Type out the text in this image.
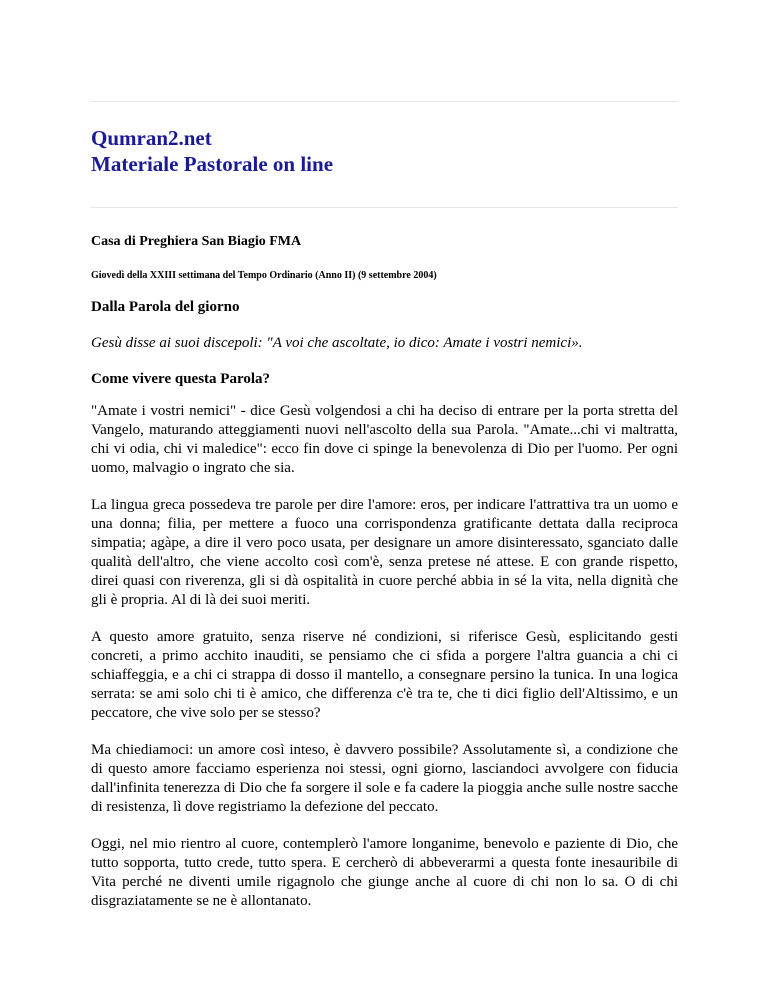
Qumran2.net
Materiale Pastorale on line
Casa di Preghiera San Biagio FMA
Giovedì della XXIII settimana del Tempo Ordinario (Anno II) (9 settembre 2004)
Dalla Parola del giorno
Gesù disse ai suoi discepoli: "A voi che ascoltate, io dico: Amate i vostri nemici».
Come vivere questa Parola?

"Amate i vostri nemici" - dice Gesù volgendosi a chi ha deciso di entrare per la porta stretta del Vangelo, maturando atteggiamenti nuovi nell'ascolto della sua Parola. "Amate...chi vi maltratta, chi vi odia, chi vi maledice": ecco fin dove ci spinge la benevolenza di Dio per l'uomo. Per ogni uomo, malvagio o ingrato che sia.

La lingua greca possedeva tre parole per dire l'amore: eros, per indicare l'attrattiva tra un uomo e una donna; filia, per mettere a fuoco una corrispondenza gratificante dettata dalla reciproca simpatia; agàpe, a dire il vero poco usata, per designare un amore disinteressato, sganciato dalle qualità dell'altro, che viene accolto così com'è, senza pretese né attese. E con grande rispetto, direi quasi con riverenza, gli si dà ospitalità in cuore perché abbia in sé la vita, nella dignità che gli è propria. Al di là dei suoi meriti.

A questo amore gratuito, senza riserve né condizioni, si riferisce Gesù, esplicitando gesti concreti, a primo acchito inauditi, se pensiamo che ci sfida a porgere l'altra guancia a chi ci schiaffeggia, e a chi ci strappa di dosso il mantello, a consegnare persino la tunica. In una logica serrata: se ami solo chi ti è amico, che differenza c'è tra te, che ti dici figlio dell'Altissimo, e un peccatore, che vive solo per se stesso?

Ma chiediamoci: un amore così inteso, è davvero possibile? Assolutamente sì, a condizione che di questo amore facciamo esperienza noi stessi, ogni giorno, lasciandoci avvolgere con fiducia dall'infinita tenerezza di Dio che fa sorgere il sole e fa cadere la pioggia anche sulle nostre sacche di resistenza, lì dove registriamo la defezione del peccato.

Oggi, nel mio rientro al cuore, contemplerò l'amore longanime, benevolo e paziente di Dio, che tutto sopporta, tutto crede, tutto spera. E cercherò di abbeverarmi a questa fonte inesauribile di Vita perché ne diventi umile rigagnolo che giunge anche al cuore di chi non lo sa. O di chi disgraziatamente se ne è allontanato.
